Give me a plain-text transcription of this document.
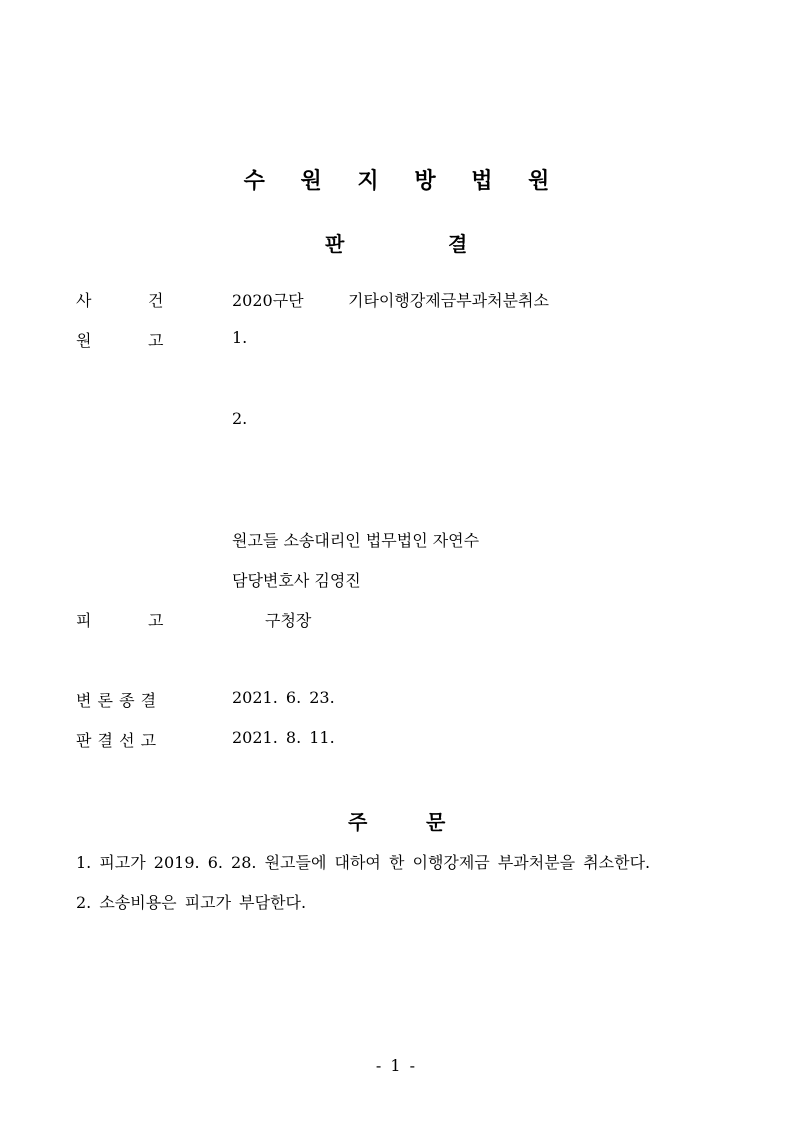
수 원 지 방 법 원
판	결
사	건	2020구단	기타이행강제금부과처분취소
원	고	1.
2.
원고들 소송대리인 법무법인 자연수
담당변호사 김영진
피	고	구청장
변 론 종 결	2021. 6. 23.
판 결 선 고	2021. 8. 11.
주	문
1. 피고가 2019. 6. 28. 원고들에 대하여 한 이행강제금 부과처분을 취소한다.
2. 소송비용은 피고가 부담한다.
- 1 -
